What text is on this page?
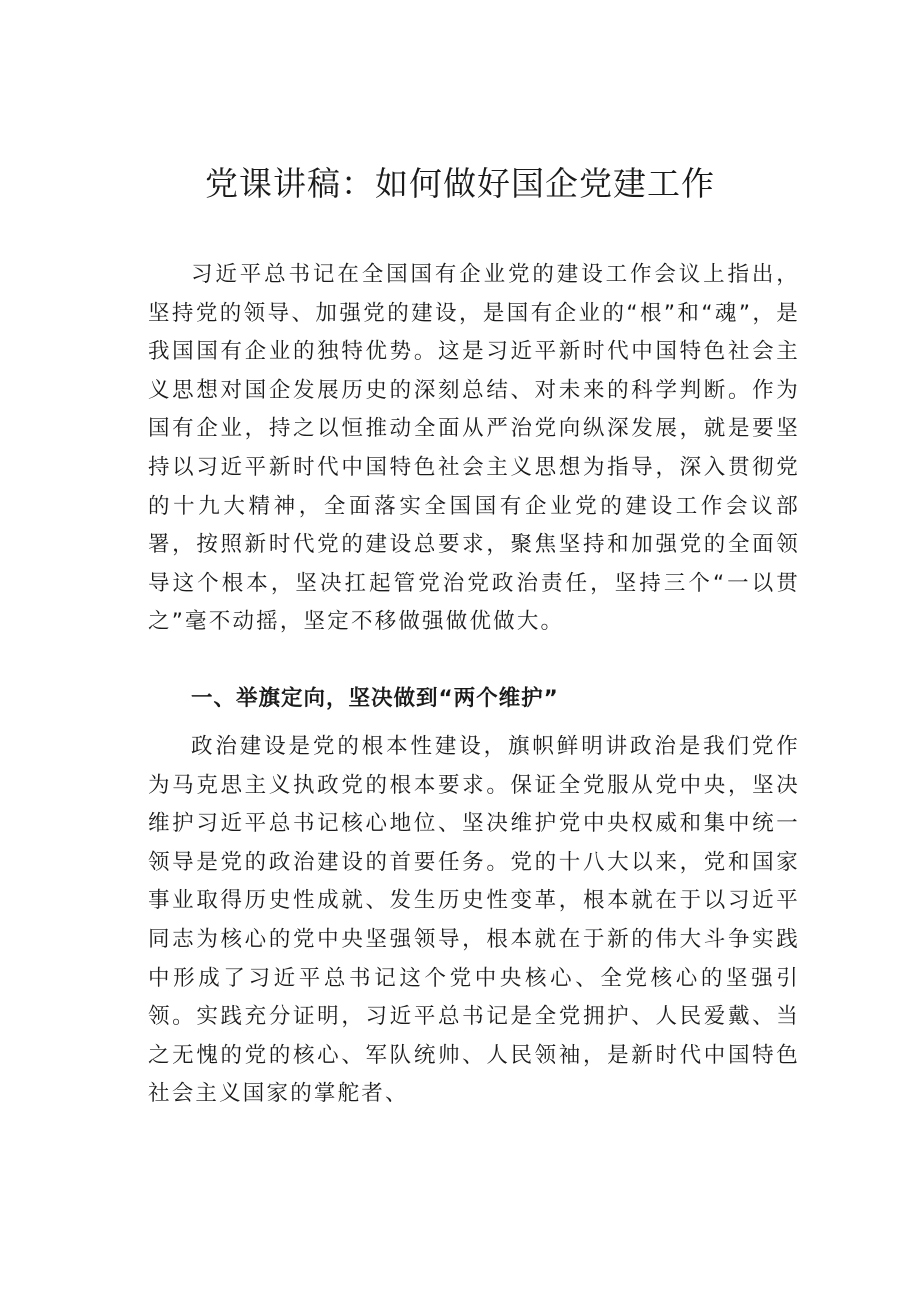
党课讲稿：如何做好国企党建工作

习近平总书记在全国国有企业党的建设工作会议上指出，坚持党的领导、加强党的建设，是国有企业的“根”和“魂”，是我国国有企业的独特优势。这是习近平新时代中国特色社会主义思想对国企发展历史的深刻总结、对未来的科学判断。作为国有企业，持之以恒推动全面从严治党向纵深发展，就是要坚持以习近平新时代中国特色社会主义思想为指导，深入贯彻党的十九大精神，全面落实全国国有企业党的建设工作会议部署，按照新时代党的建设总要求，聚焦坚持和加强党的全面领导这个根本，坚决扛起管党治党政治责任，坚持三个“一以贯之”毫不动摇，坚定不移做强做优做大。

一、举旗定向，坚决做到“两个维护”

政治建设是党的根本性建设，旗帜鲜明讲政治是我们党作为马克思主义执政党的根本要求。保证全党服从党中央，坚决维护习近平总书记核心地位、坚决维护党中央权威和集中统一领导是党的政治建设的首要任务。党的十八大以来，党和国家事业取得历史性成就、发生历史性变革，根本就在于以习近平同志为核心的党中央坚强领导，根本就在于新的伟大斗争实践中形成了习近平总书记这个党中央核心、全党核心的坚强引领。实践充分证明，习近平总书记是全党拥护、人民爱戴、当之无愧的党的核心、军队统帅、人民领袖，是新时代中国特色社会主义国家的掌舵者、
